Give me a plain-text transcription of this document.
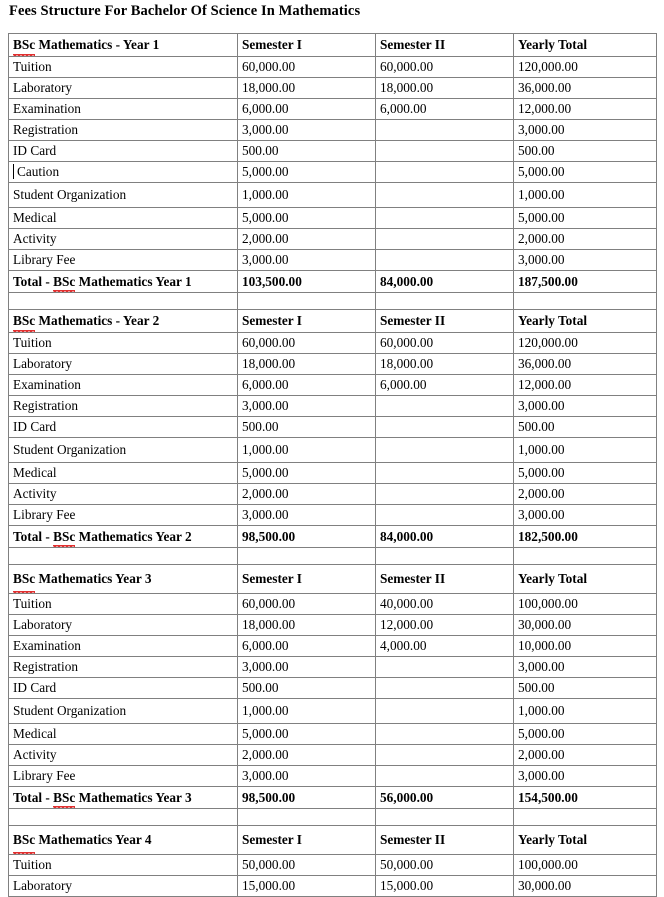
Fees Structure For Bachelor Of Science In Mathematics
BSc Mathematics - Year 1	Semester I	Semester II	Yearly Total
Tuition	60,000.00	60,000.00	120,000.00
Laboratory	18,000.00	18,000.00	36,000.00
Examination	6,000.00	6,000.00	12,000.00
Registration	3,000.00		3,000.00
ID Card	500.00		500.00
Caution	5,000.00		5,000.00
Student Organization	1,000.00		1,000.00
Medical	5,000.00		5,000.00
Activity	2,000.00		2,000.00
Library Fee	3,000.00		3,000.00
Total - BSc Mathematics Year 1	103,500.00	84,000.00	187,500.00

BSc Mathematics - Year 2	Semester I	Semester II	Yearly Total
Tuition	60,000.00	60,000.00	120,000.00
Laboratory	18,000.00	18,000.00	36,000.00
Examination	6,000.00	6,000.00	12,000.00
Registration	3,000.00		3,000.00
ID Card	500.00		500.00
Student Organization	1,000.00		1,000.00
Medical	5,000.00		5,000.00
Activity	2,000.00		2,000.00
Library Fee	3,000.00		3,000.00
Total - BSc Mathematics Year 2	98,500.00	84,000.00	182,500.00

BSc Mathematics Year 3	Semester I	Semester II	Yearly Total
Tuition	60,000.00	40,000.00	100,000.00
Laboratory	18,000.00	12,000.00	30,000.00
Examination	6,000.00	4,000.00	10,000.00
Registration	3,000.00		3,000.00
ID Card	500.00		500.00
Student Organization	1,000.00		1,000.00
Medical	5,000.00		5,000.00
Activity	2,000.00		2,000.00
Library Fee	3,000.00		3,000.00
Total - BSc Mathematics Year 3	98,500.00	56,000.00	154,500.00

BSc Mathematics Year 4	Semester I	Semester II	Yearly Total
Tuition	50,000.00	50,000.00	100,000.00
Laboratory	15,000.00	15,000.00	30,000.00
